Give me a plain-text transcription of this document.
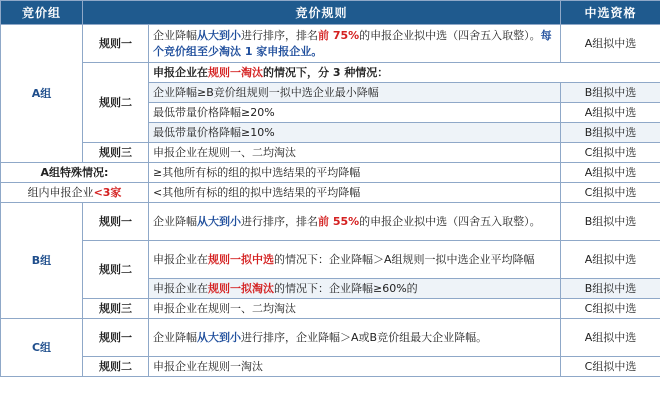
竞价组	竞价规则		中选资格
A组	规则一	企业降幅从大到小进行排序，排名前 75%的申报企业拟中选（四舍五入取整）。每个竞价组至少淘汰 1 家申报企业。	A组拟中选
	规则二	申报企业在规则一淘汰的情况下，分 3 种情况：	
		企业降幅≥B竞价组规则一拟中选企业最小降幅	B组拟中选
		最低带量价格降幅≥20%	A组拟中选
		最低带量价格降幅≥10%	B组拟中选
	规则三	申报企业在规则一、二均淘汰	C组拟中选
A组特殊情况:		≥其他所有标的组的拟中选结果的平均降幅	A组拟中选
组内申报企业<3家		<其他所有标的组的拟中选结果的平均降幅	C组拟中选
B组	规则一	企业降幅从大到小进行排序，排名前 55%的申报企业拟中选（四舍五入取整）。	B组拟中选
	规则二	申报企业在规则一拟中选的情况下：企业降幅＞A组规则一拟中选企业平均降幅	A组拟中选
		申报企业在规则一拟淘汰的情况下：企业降幅≥60%的	B组拟中选
	规则三	申报企业在规则一、二均淘汰	C组拟中选
C组	规则一	企业降幅从大到小进行排序，企业降幅＞A或B竞价组最大企业降幅。	A组拟中选
	规则二	申报企业在规则一淘汰	C组拟中选
